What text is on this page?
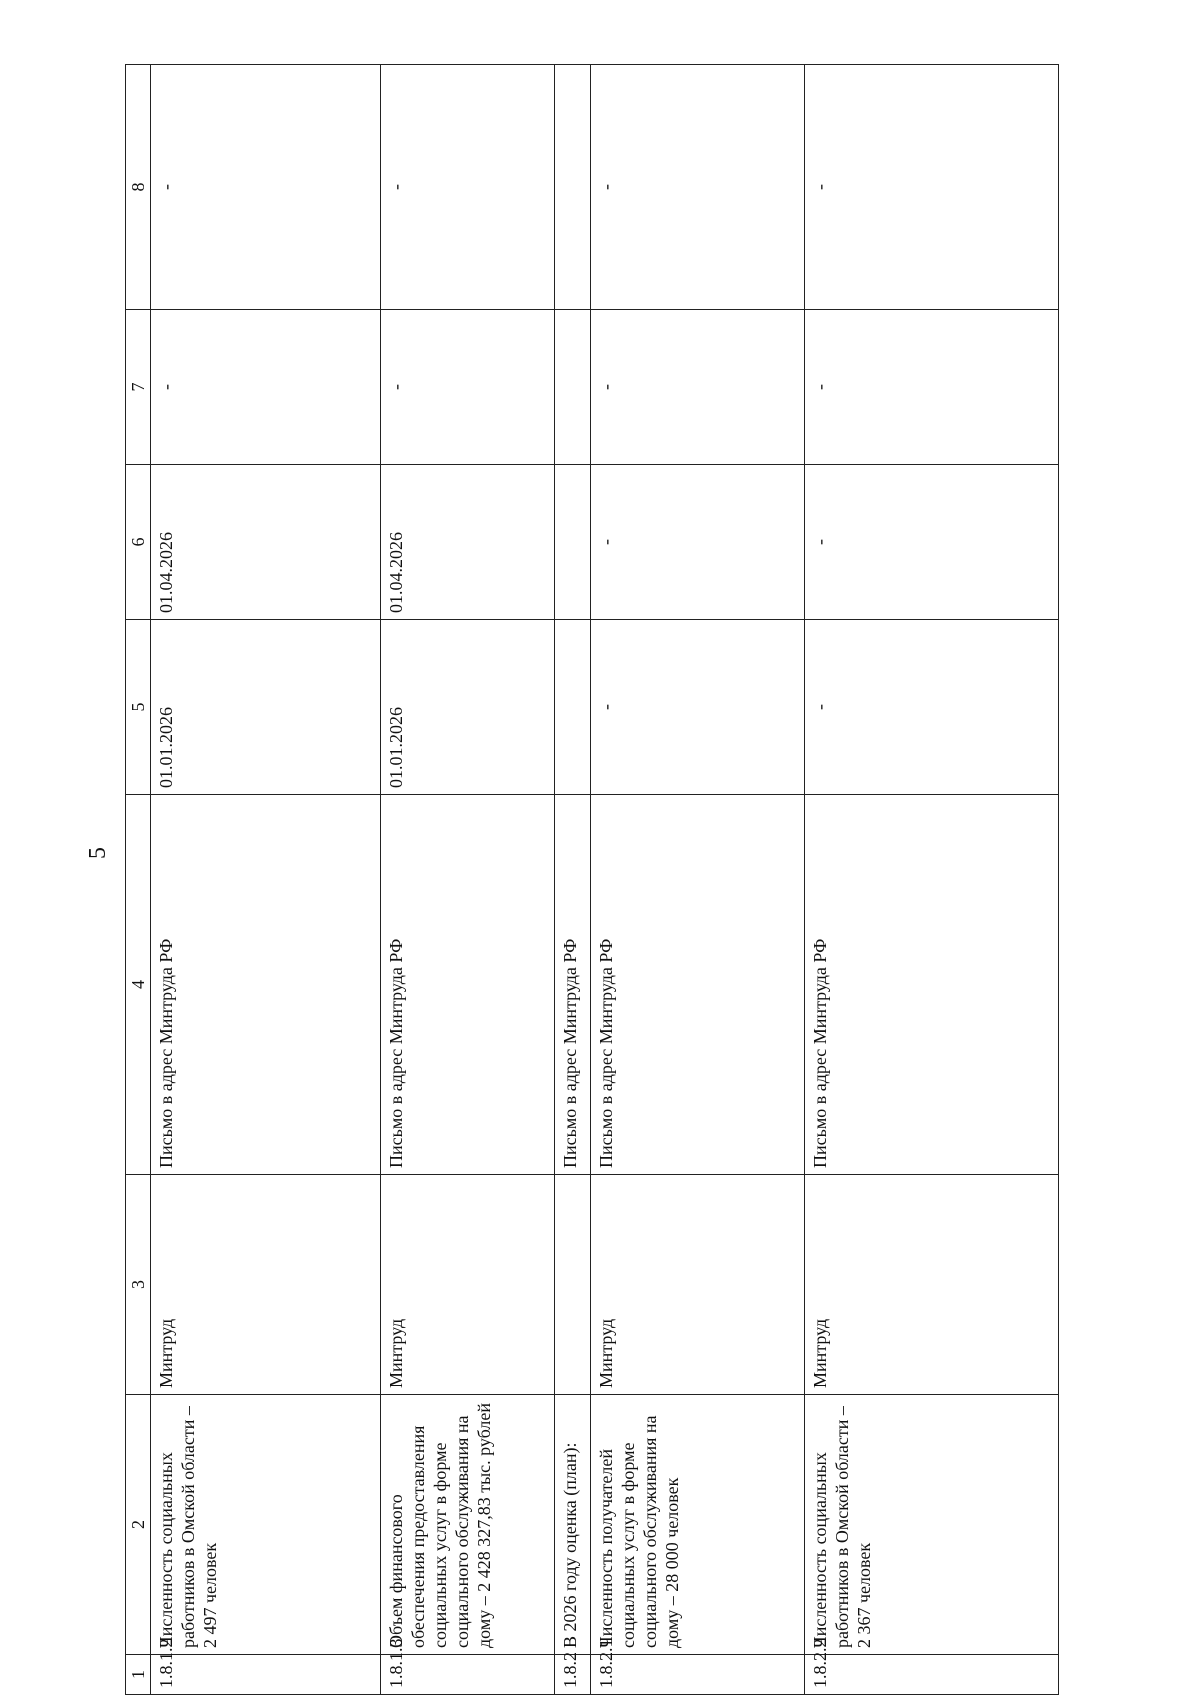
5
1	2	3	4	5	6	7	8
1.8.1.2	Численность социальных работников в Омской области – 2 497 человек	Минтруд	Письмо в адрес Минтруда РФ	01.01.2026	01.04.2026	-	-
1.8.1.3	Объем финансового обеспечения предоставления социальных услуг в форме социального обслуживания на дому – 2 428 327,83 тыс. рублей	Минтруд	Письмо в адрес Минтруда РФ	01.01.2026	01.04.2026	-	-
1.8.2	В 2026 году оценка (план):		Письмо в адрес Минтруда РФ				
1.8.2.1	Численность получателей социальных услуг в форме социального обслуживания на дому – 28 000 человек	Минтруд	Письмо в адрес Минтруда РФ	-	-	-	-
1.8.2.2	Численность социальных работников в Омской области – 2 367 человек	Минтруд	Письмо в адрес Минтруда РФ	-	-	-	-
